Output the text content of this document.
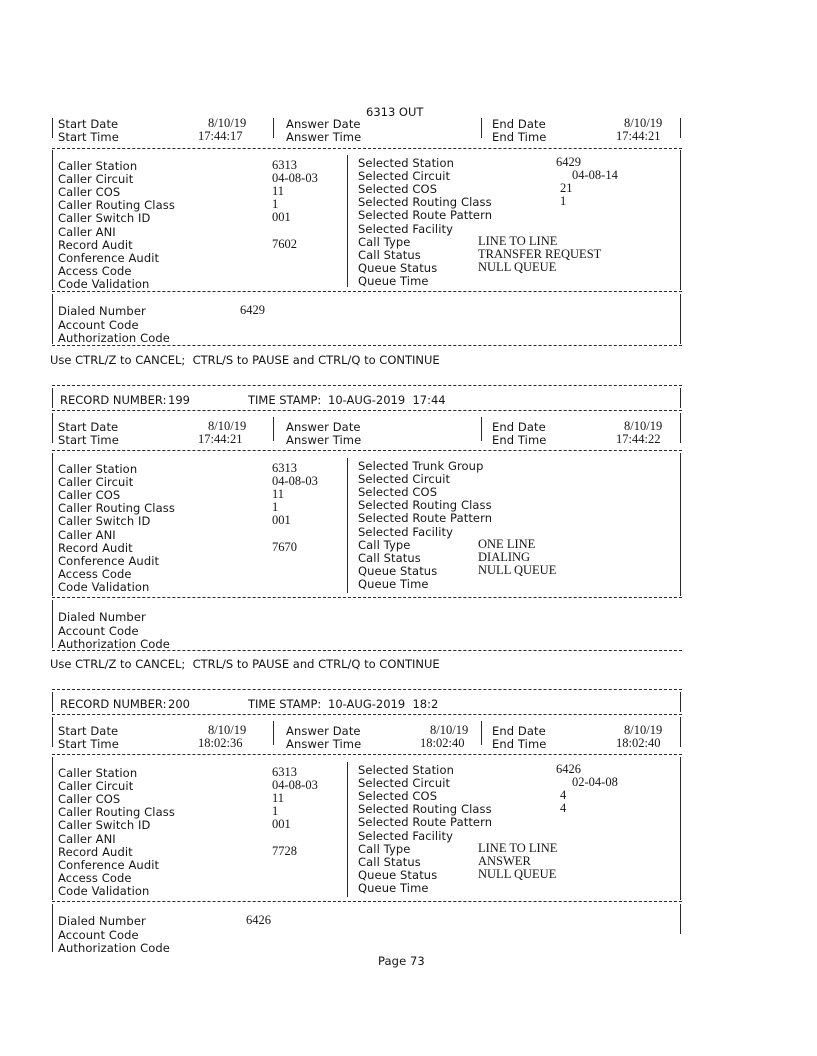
6313 OUT
Start Date	8/10/19
Start Time	17:44:17
Answer Date
Answer Time
End Date	8/10/19
End Time	17:44:21
Caller Station	6313
Caller Circuit	04-08-03
Caller COS	11
Caller Routing Class	1
Caller Switch ID	001
Caller ANI
Record Audit	7602
Conference Audit
Access Code
Code Validation
Selected Station	6429
Selected Circuit	04-08-14
Selected COS	21
Selected Routing Class	1
Selected Route Pattern
Selected Facility
Call Type	LINE TO LINE
Call Status	TRANSFER REQUEST
Queue Status	NULL QUEUE
Queue Time
Dialed Number	6429
Account Code
Authorization Code
Use CTRL/Z to CANCEL;  CTRL/S to PAUSE and CTRL/Q to CONTINUE
RECORD NUMBER: 199	TIME STAMP: 10-AUG-2019  17:44
Start Date	8/10/19
Start Time	17:44:21
Answer Date
Answer Time
End Date	8/10/19
End Time	17:44:22
Caller Station	6313
Caller Circuit	04-08-03
Caller COS	11
Caller Routing Class	1
Caller Switch ID	001
Caller ANI
Record Audit	7670
Conference Audit
Access Code
Code Validation
Selected Trunk Group
Selected Circuit
Selected COS
Selected Routing Class
Selected Route Pattern
Selected Facility
Call Type	ONE LINE
Call Status	DIALING
Queue Status	NULL QUEUE
Queue Time
Dialed Number
Account Code
Authorization Code
Use CTRL/Z to CANCEL;  CTRL/S to PAUSE and CTRL/Q to CONTINUE
RECORD NUMBER: 200	TIME STAMP: 10-AUG-2019  18:2
Start Date	8/10/19
Start Time	18:02:36
Answer Date	8/10/19
Answer Time	18:02:40
End Date	8/10/19
End Time	18:02:40
Caller Station	6313
Caller Circuit	04-08-03
Caller COS	11
Caller Routing Class	1
Caller Switch ID	001
Caller ANI
Record Audit	7728
Conference Audit
Access Code
Code Validation
Selected Station	6426
Selected Circuit	02-04-08
Selected COS	4
Selected Routing Class	4
Selected Route Pattern
Selected Facility
Call Type	LINE TO LINE
Call Status	ANSWER
Queue Status	NULL QUEUE
Queue Time
Dialed Number	6426
Account Code
Authorization Code
Page 73
